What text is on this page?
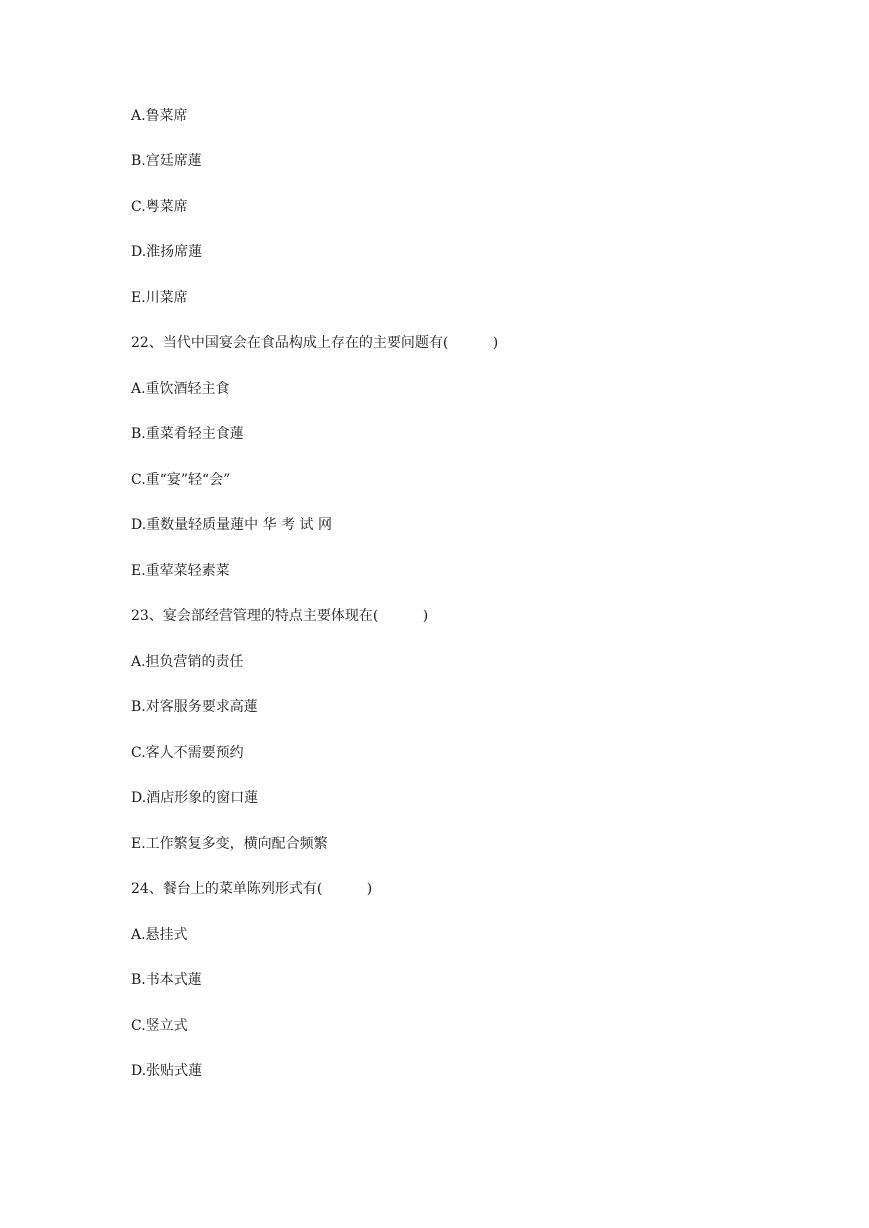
A.鲁菜席
B.宫廷席蓮
C.粤菜席
D.淮扬席蓮
E.川菜席
22、当代中国宴会在食品构成上存在的主要问题有(          )
A.重饮酒轻主食
B.重菜肴轻主食蓮
C.重“宴”轻“会”
D.重数量轻质量蓮中 华 考 试 网
E.重荤菜轻素菜
23、宴会部经营管理的特点主要体现在(          )
A.担负营销的责任
B.对客服务要求高蓮
C.客人不需要预约
D.酒店形象的窗口蓮
E.工作繁复多变，横向配合频繁
24、餐台上的菜单陈列形式有(          )
A.悬挂式
B.书本式蓮
C.竖立式
D.张贴式蓮
